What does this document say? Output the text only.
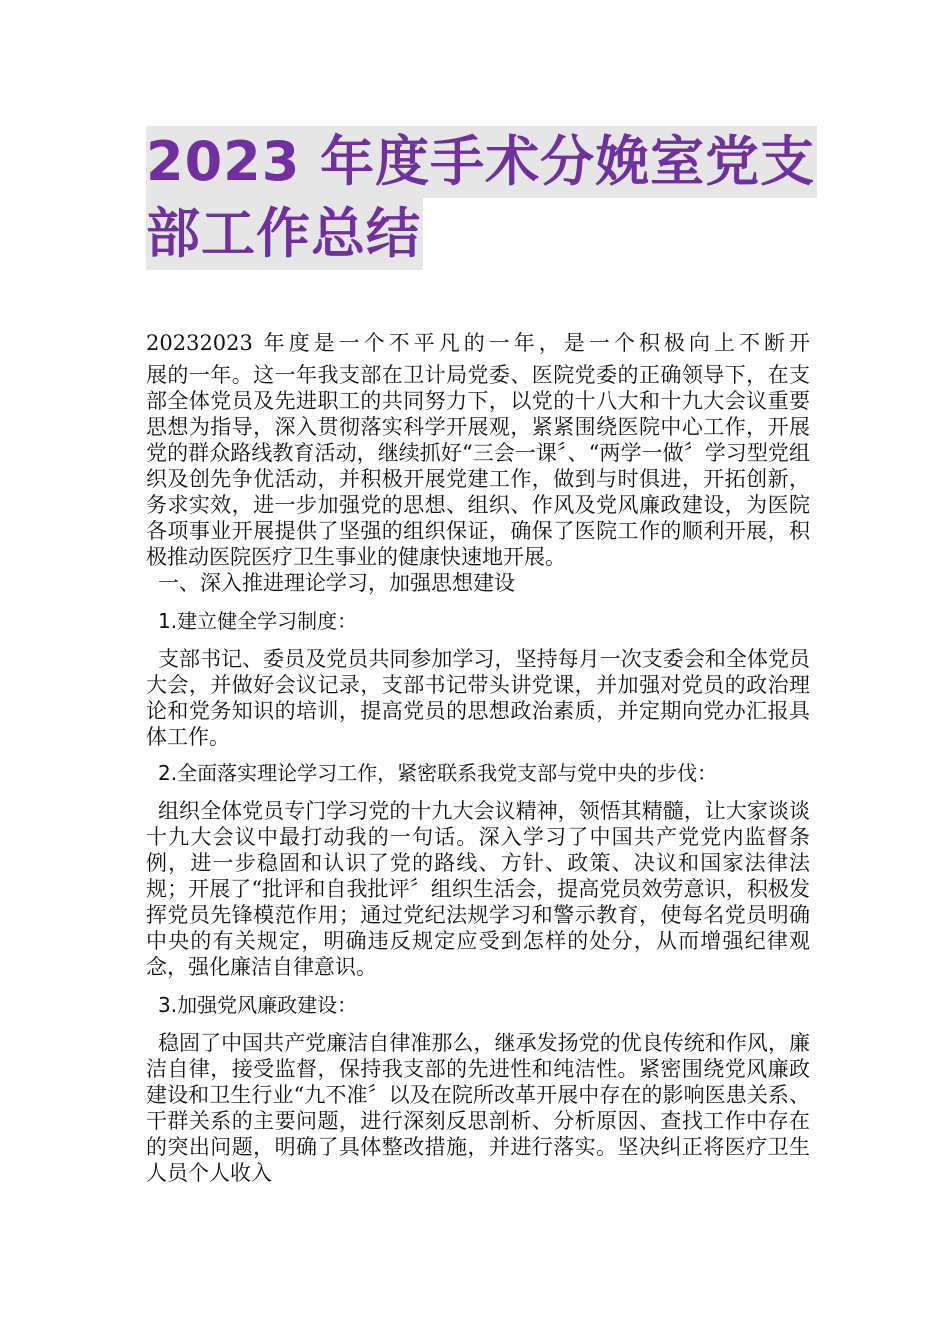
2023 年度手术分娩室党支
部工作总结
20232023 年度是一个不平凡的一年，是一个积极向上不断开

展的一年。这一年我支部在卫计局党委、医院党委的正确领导下，在支部全体党员及先进职工的共同努力下，以党的十八大和十九大会议重要思想为指导，深入贯彻落实科学开展观，紧紧围绕医院中心工作，开展党的群众路线教育活动，继续抓好“三会一课〞、“两学一做〞学习型党组织及创先争优活动，并积极开展党建工作，做到与时俱进，开拓创新，务求实效，进一步加强党的思想、组织、作风及党风廉政建设，为医院各项事业开展提供了坚强的组织保证，确保了医院工作的顺利开展，积极推动医院医疗卫生事业的健康快速地开展。

一、深入推进理论学习，加强思想建设

1.建立健全学习制度：

支部书记、委员及党员共同参加学习，坚持每月一次支委会和全体党员大会，并做好会议记录，支部书记带头讲党课，并加强对党员的政治理论和党务知识的培训，提高党员的思想政治素质，并定期向党办汇报具体工作。

2.全面落实理论学习工作，紧密联系我党支部与党中央的步伐：

组织全体党员专门学习党的十九大会议精神，领悟其精髓，让大家谈谈十九大会议中最打动我的一句话。深入学习了中国共产党党内监督条例，进一步稳固和认识了党的路线、方针、政策、决议和国家法律法规；开展了“批评和自我批评〞组织生活会，提高党员效劳意识，积极发挥党员先锋模范作用；通过党纪法规学习和警示教育，使每名党员明确中央的有关规定，明确违反规定应受到怎样的处分，从而增强纪律观念，强化廉洁自律意识。

3.加强党风廉政建设：

稳固了中国共产党廉洁自律准那么，继承发扬党的优良传统和作风，廉洁自律，接受监督，保持我支部的先进性和纯洁性。紧密围绕党风廉政建设和卫生行业“九不准〞以及在院所改革开展中存在的影响医患关系、干群关系的主要问题，进行深刻反思剖析、分析原因、查找工作中存在的突出问题，明确了具体整改措施，并进行落实。坚决纠正将医疗卫生人员个人收入
